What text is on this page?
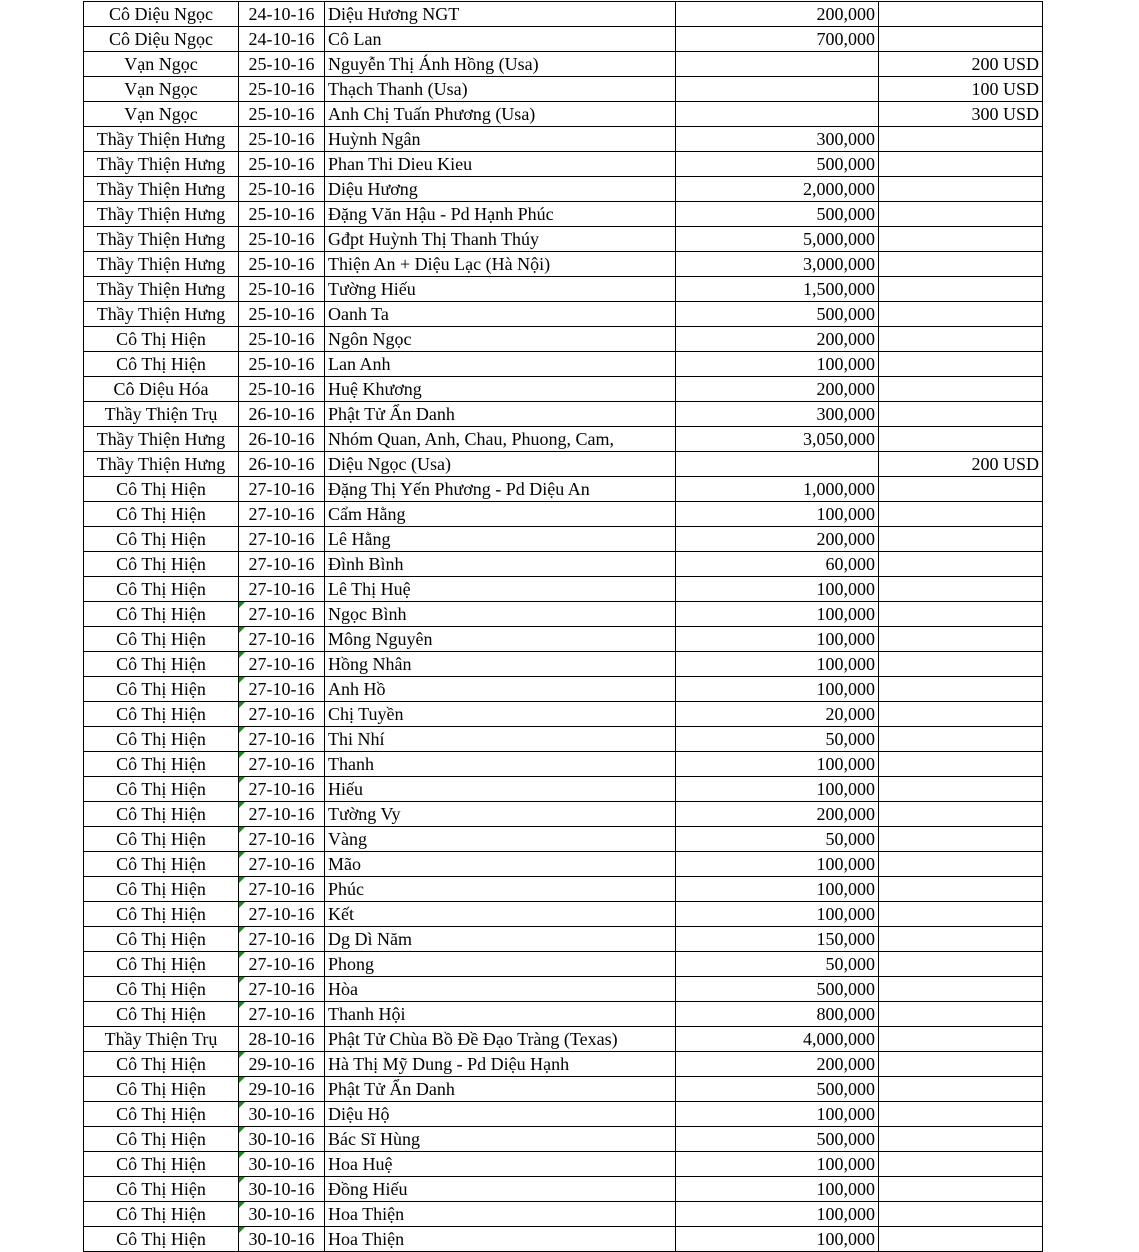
Cô Diệu Ngọc	24-10-16	Diệu Hương NGT	200,000	
Cô Diệu Ngọc	24-10-16	Cô Lan	700,000	
Vạn Ngọc	25-10-16	Nguyễn Thị Ánh Hồng (Usa)		200 USD
Vạn Ngọc	25-10-16	Thạch Thanh (Usa)		100 USD
Vạn Ngọc	25-10-16	Anh Chị Tuấn Phương (Usa)		300 USD
Thầy Thiện Hưng	25-10-16	Huỳnh Ngân	300,000	
Thầy Thiện Hưng	25-10-16	Phan Thi Dieu Kieu	500,000	
Thầy Thiện Hưng	25-10-16	Diệu Hương	2,000,000	
Thầy Thiện Hưng	25-10-16	Đặng Văn Hậu - Pd Hạnh Phúc	500,000	
Thầy Thiện Hưng	25-10-16	Gđpt Huỳnh Thị Thanh Thúy	5,000,000	
Thầy Thiện Hưng	25-10-16	Thiện An + Diệu Lạc (Hà Nội)	3,000,000	
Thầy Thiện Hưng	25-10-16	Tường Hiếu	1,500,000	
Thầy Thiện Hưng	25-10-16	Oanh Ta	500,000	
Cô Thị Hiện	25-10-16	Ngôn Ngọc	200,000	
Cô Thị Hiện	25-10-16	Lan Anh	100,000	
Cô Diệu Hóa	25-10-16	Huệ Khương	200,000	
Thầy Thiện Trụ	26-10-16	Phật Tử Ẩn Danh	300,000	
Thầy Thiện Hưng	26-10-16	Nhóm Quan, Anh, Chau, Phuong, Cam,	3,050,000	
Thầy Thiện Hưng	26-10-16	Diệu Ngọc (Usa)		200 USD
Cô Thị Hiện	27-10-16	Đặng Thị Yến Phương - Pd Diệu An	1,000,000	
Cô Thị Hiện	27-10-16	Cẩm Hằng	100,000	
Cô Thị Hiện	27-10-16	Lê Hằng	200,000	
Cô Thị Hiện	27-10-16	Đình Bình	60,000	
Cô Thị Hiện	27-10-16	Lê Thị Huệ	100,000	
Cô Thị Hiện	27-10-16	Ngọc Bình	100,000	
Cô Thị Hiện	27-10-16	Mông Nguyên	100,000	
Cô Thị Hiện	27-10-16	Hồng Nhân	100,000	
Cô Thị Hiện	27-10-16	Anh Hồ	100,000	
Cô Thị Hiện	27-10-16	Chị Tuyền	20,000	
Cô Thị Hiện	27-10-16	Thi Nhí	50,000	
Cô Thị Hiện	27-10-16	Thanh	100,000	
Cô Thị Hiện	27-10-16	Hiếu	100,000	
Cô Thị Hiện	27-10-16	Tường Vy	200,000	
Cô Thị Hiện	27-10-16	Vàng	50,000	
Cô Thị Hiện	27-10-16	Mão	100,000	
Cô Thị Hiện	27-10-16	Phúc	100,000	
Cô Thị Hiện	27-10-16	Kết	100,000	
Cô Thị Hiện	27-10-16	Dg Dì Năm	150,000	
Cô Thị Hiện	27-10-16	Phong	50,000	
Cô Thị Hiện	27-10-16	Hòa	500,000	
Cô Thị Hiện	27-10-16	Thanh Hội	800,000	
Thầy Thiện Trụ	28-10-16	Phật Tử Chùa Bồ Đề Đạo Tràng (Texas)	4,000,000	
Cô Thị Hiện	29-10-16	Hà Thị Mỹ Dung - Pd Diệu Hạnh	200,000	
Cô Thị Hiện	29-10-16	Phật Tử Ẩn Danh	500,000	
Cô Thị Hiện	30-10-16	Diệu Hộ	100,000	
Cô Thị Hiện	30-10-16	Bác Sĩ Hùng	500,000	
Cô Thị Hiện	30-10-16	Hoa Huệ	100,000	
Cô Thị Hiện	30-10-16	Đồng Hiếu	100,000	
Cô Thị Hiện	30-10-16	Hoa Thiện	100,000	
Cô Thị Hiện	30-10-16	Hoa Thiện	100,000	
